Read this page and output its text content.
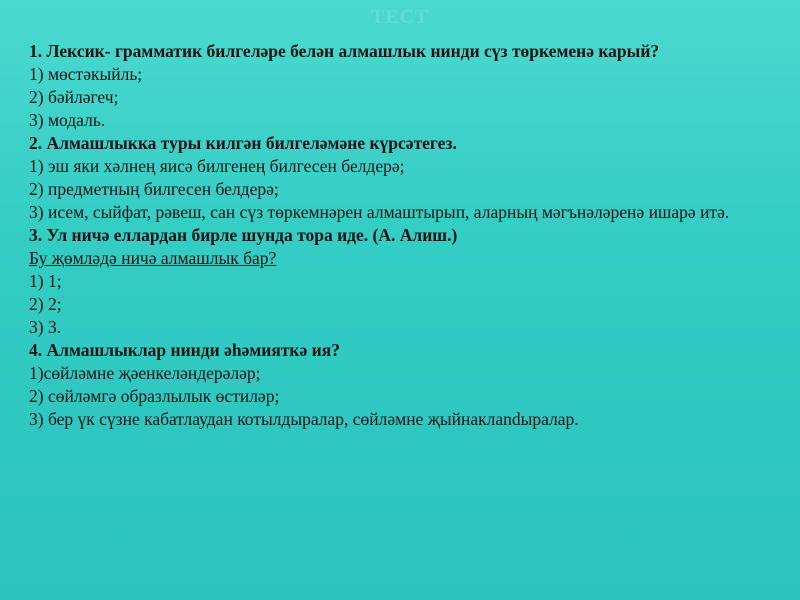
ТЕСТ
1. Лексик- грамматик билгеләре белән алмашлык нинди сүз төркеменә карый?
1) мөстәкыйль;
2) бәйләгеч;
3) модаль.
2. Алмашлыкка туры килгән билгеләмәне күрсәтегез.
1) эш яки хәлнең яисә билгенең билгесен белдерә;
2) предметның билгесен белдерә;
3) исем, сыйфат, рәвеш, сан сүз төркемнәрен алмаштырып, аларның мәгънәләренә ишарә итә.
3. Ул ничә еллардан бирле шунда тора иде. (А. Алиш.)
Бу җөмләдә ничә алмашлык бар?
1) 1;
2) 2;
3) 3.
4. Алмашлыклар нинди әһәмияткә ия?
1)сөйләмне җәенкеләндерәләр;
2) сөйләмгә образлылык өстиләр;
3) бер үк сүзне кабатлаудан котылдыралар, сөйләмне җыйнаклandыралар.
